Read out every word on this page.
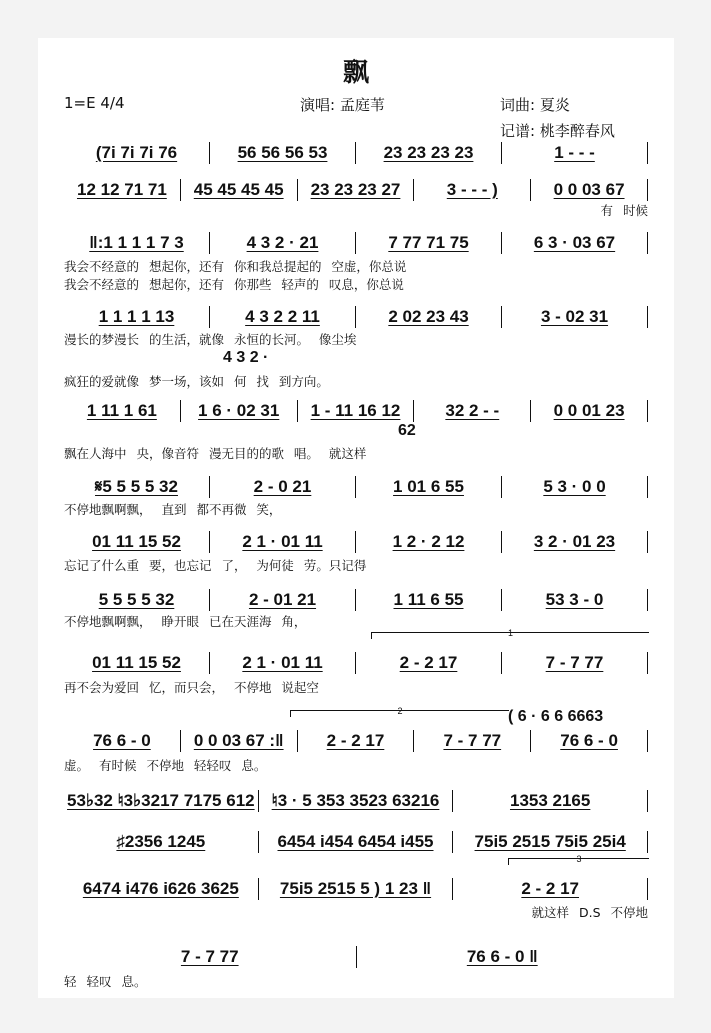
飘
1=E 4/4	演唱: 孟庭苇	词曲: 夏炎
记谱: 桃李醉春风
(7i 7i 7i 76	56 56 56 53	23 23 23 23	1 - - -
12 12 71 71	45 45 45 45	23 23 23 27	3 - - - )	0 0 03 67
有 时候
‖:1 1 1 1 7 3	4 3 2 · 21	7 77 71 75	6 3 · 03 67
我会不经意的 想起你，还有 你和我总提起的 空虚，你总说
我会不经意的 想起你，还有 你那些 轻声的 叹息，你总说
1 1 1 1 13	4 3 2 2 11	2 02 23 43	3 - 02 31
漫长的梦漫长 的生活，就像 永恒的长河。 像尘埃
4 3 2 ·
疯狂的爱就像 梦一场，该如 何 找 到方向。
1 11 1 61	1 6 · 02 31	1 - 11 16 12	32 2 - -	0 0 01 23
飘在人海中 央，像音符 漫无目的的歌 唱。 就这样
62
𝄋5 5 5 5 32	2 - 0 21	1 01 6 55	5 3 · 0 0
不停地飘啊飘， 直到 都不再微 笑，
01 11 15 52	2 1 · 01 11	1 2 · 2 12	3 2 · 01 23
忘记了什么重 要，也忘记 了， 为何徒 劳。只记得
5 5 5 5 32	2 - 01 21	1 11 6 55	53 3 - 0
不停地飘啊飘， 睁开眼 已在天涯海 角，
01 11 15 52	2 1 · 01 11	2 - 2 17	7 - 7 77
再不会为爱回 忆，而只会， 不停地 说起空
1
76 6 - 0	0 0 03 67 :‖	2 - 2 17	7 - 7 77	76 6 - 0
虚。 有时候 不停地 轻轻叹 息。
( 6 · 6 6 6663
2
53♭32 ♮3♭3217 7175 612	♮3 · 5 353 3523 63216	1353 2165
♯2356 1245	6454 i454 6454 i455	75i5 2515 75i5 25i4
6474 i476 i626 3625	75i5 2515 5 ) 1 23 ‖	2 - 2 17
就这样 D.S 不停地
3
7 - 7 77	76 6 - 0 ‖
轻 轻叹 息。
